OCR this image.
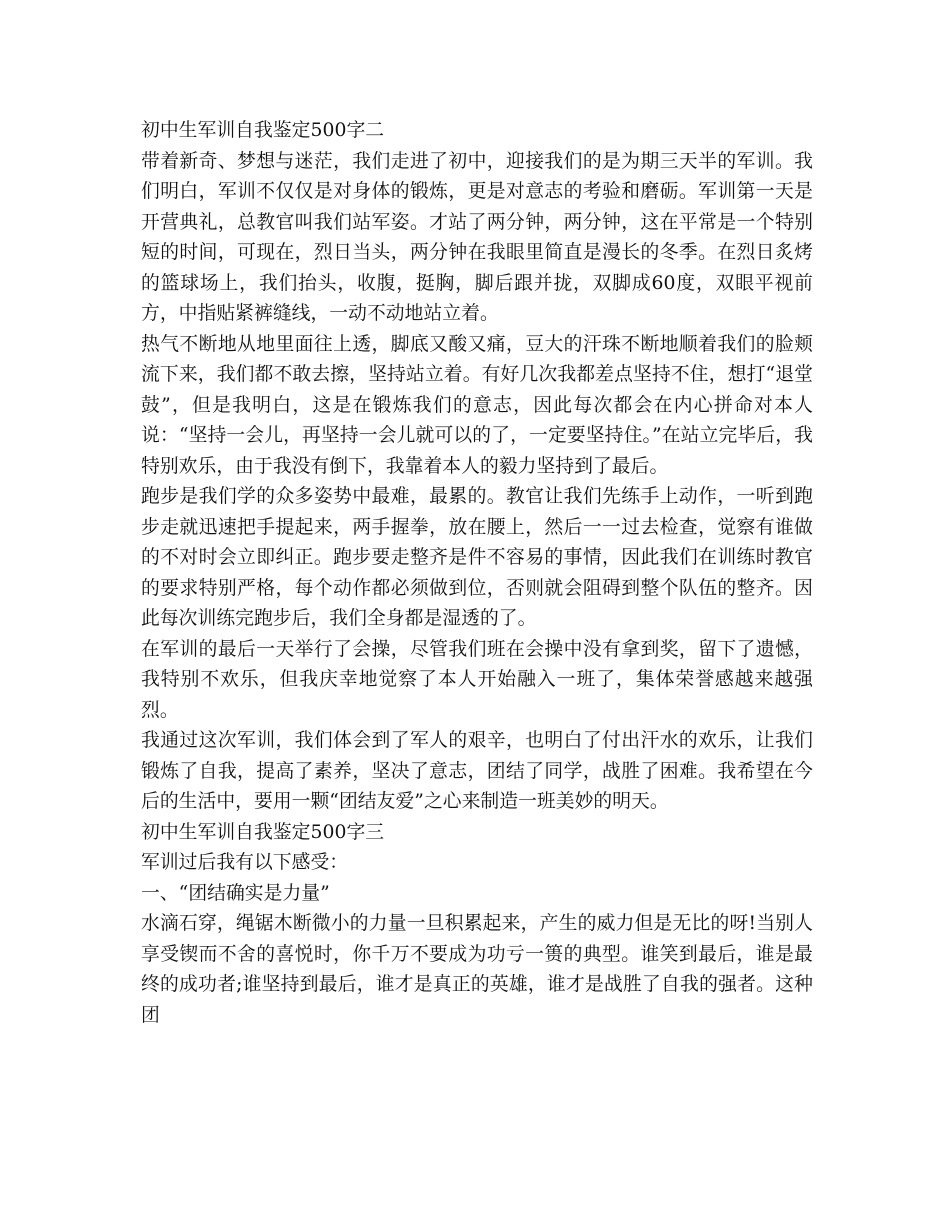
初中生军训自我鉴定500字二

带着新奇、梦想与迷茫，我们走进了初中，迎接我们的是为期三天半的军训。我们明白，军训不仅仅是对身体的锻炼，更是对意志的考验和磨砺。军训第一天是开营典礼，总教官叫我们站军姿。才站了两分钟，两分钟，这在平常是一个特别短的时间，可现在，烈日当头，两分钟在我眼里简直是漫长的冬季。在烈日炙烤的篮球场上，我们抬头，收腹，挺胸，脚后跟并拢，双脚成60度，双眼平视前方，中指贴紧裤缝线，一动不动地站立着。

热气不断地从地里面往上透，脚底又酸又痛，豆大的汗珠不断地顺着我们的脸颊流下来，我们都不敢去擦，坚持站立着。有好几次我都差点坚持不住，想打“退堂鼓”，但是我明白，这是在锻炼我们的意志，因此每次都会在内心拼命对本人说：“坚持一会儿，再坚持一会儿就可以的了，一定要坚持住。”在站立完毕后，我特别欢乐，由于我没有倒下，我靠着本人的毅力坚持到了最后。

跑步是我们学的众多姿势中最难，最累的。教官让我们先练手上动作，一听到跑步走就迅速把手提起来，两手握拳，放在腰上，然后一一过去检查，觉察有谁做的不对时会立即纠正。跑步要走整齐是件不容易的事情，因此我们在训练时教官的要求特别严格，每个动作都必须做到位，否则就会阻碍到整个队伍的整齐。因此每次训练完跑步后，我们全身都是湿透的了。

在军训的最后一天举行了会操，尽管我们班在会操中没有拿到奖，留下了遗憾，我特别不欢乐，但我庆幸地觉察了本人开始融入一班了，集体荣誉感越来越强烈。

我通过这次军训，我们体会到了军人的艰辛，也明白了付出汗水的欢乐，让我们锻炼了自我，提高了素养，坚决了意志，团结了同学，战胜了困难。我希望在今后的生活中，要用一颗“团结友爱”之心来制造一班美妙的明天。

初中生军训自我鉴定500字三

军训过后我有以下感受：

一、“团结确实是力量”

水滴石穿，绳锯木断微小的力量一旦积累起来，产生的威力但是无比的呀!当别人享受锲而不舍的喜悦时，你千万不要成为功亏一篑的典型。谁笑到最后，谁是最终的成功者;谁坚持到最后，谁才是真正的英雄，谁才是战胜了自我的强者。这种团
